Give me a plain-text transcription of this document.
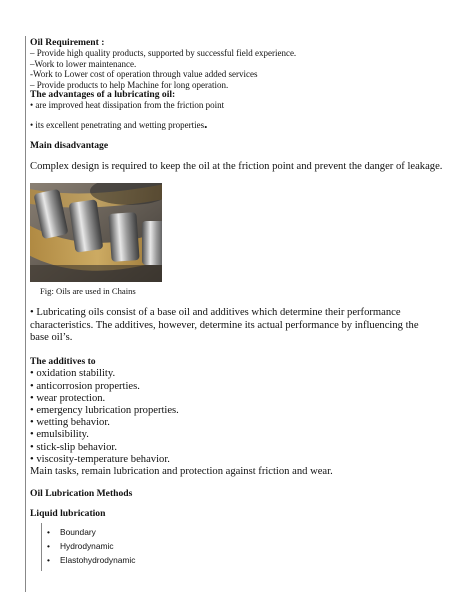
Oil Requirement :
– Provide high quality products, supported by successful field experience.
–Work to lower maintenance.
-Work to Lower cost of operation through value added services
– Provide products to help Machine for long operation.
The advantages of a lubricating oil:
• are improved heat dissipation from the friction point
• its excellent penetrating and wetting properties.
Main disadvantage
Complex design is required to keep the oil at the friction point and prevent the danger of leakage.
Fig: Oils are used in Chains
• Lubricating oils consist of a base oil and additives which determine their performance characteristics. The additives, however, determine its actual performance by influencing the base oil’s.
The additives to
• oxidation stability.
• anticorrosion properties.
• wear protection.
• emergency lubrication properties.
• wetting behavior.
• emulsibility.
• stick-slip behavior.
• viscosity-temperature behavior.
Main tasks, remain lubrication and protection against friction and wear.
Oil Lubrication Methods
Liquid lubrication
• Boundary
• Hydrodynamic
• Elastohydrodynamic
